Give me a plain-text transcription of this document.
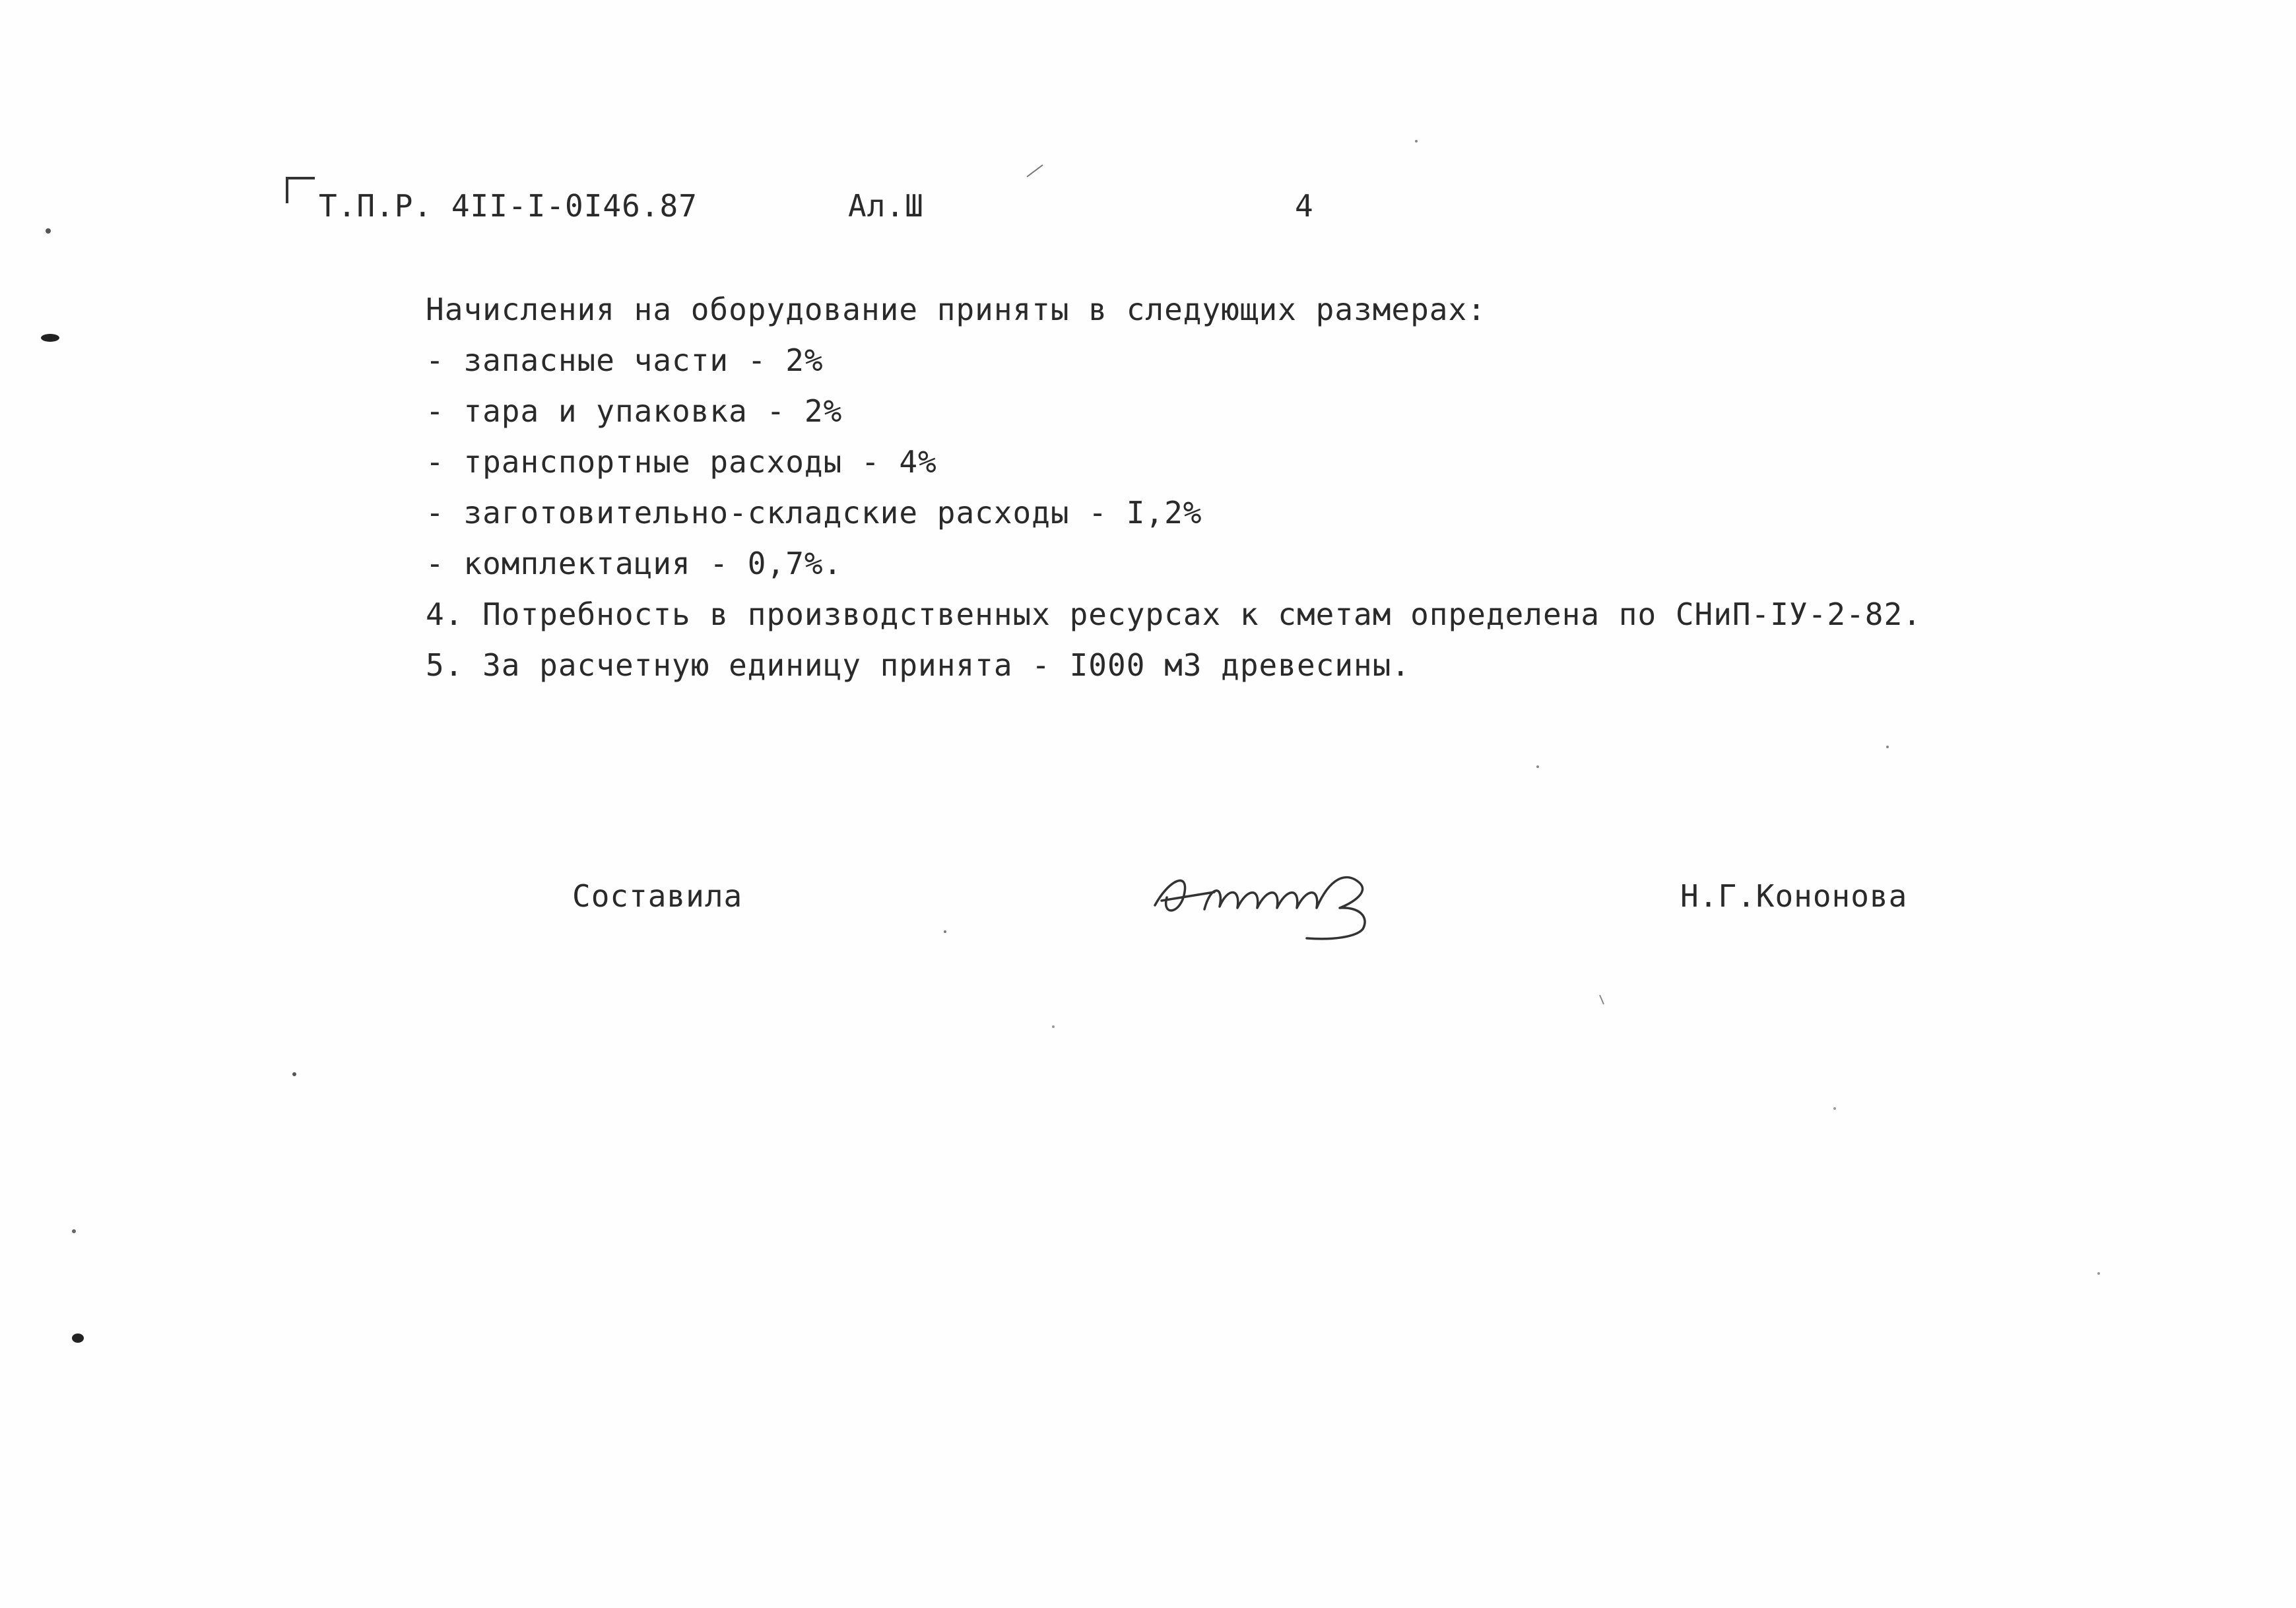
Т.П.Р. 4II-I-0I46.87	Ал.Ш	4
Начисления на оборудование приняты в следующих размерах:
- запасные части - 2%
- тара и упаковка - 2%
- транспортные расходы - 4%
- заготовительно-складские расходы - I,2%
- комплектация - 0,7%.
4. Потребность в производственных ресурсах к сметам определена по СНиП-IУ-2-82.
5. За расчетную единицу принята - I000 м3 древесины.
Составила	Н.Г.Кононова
